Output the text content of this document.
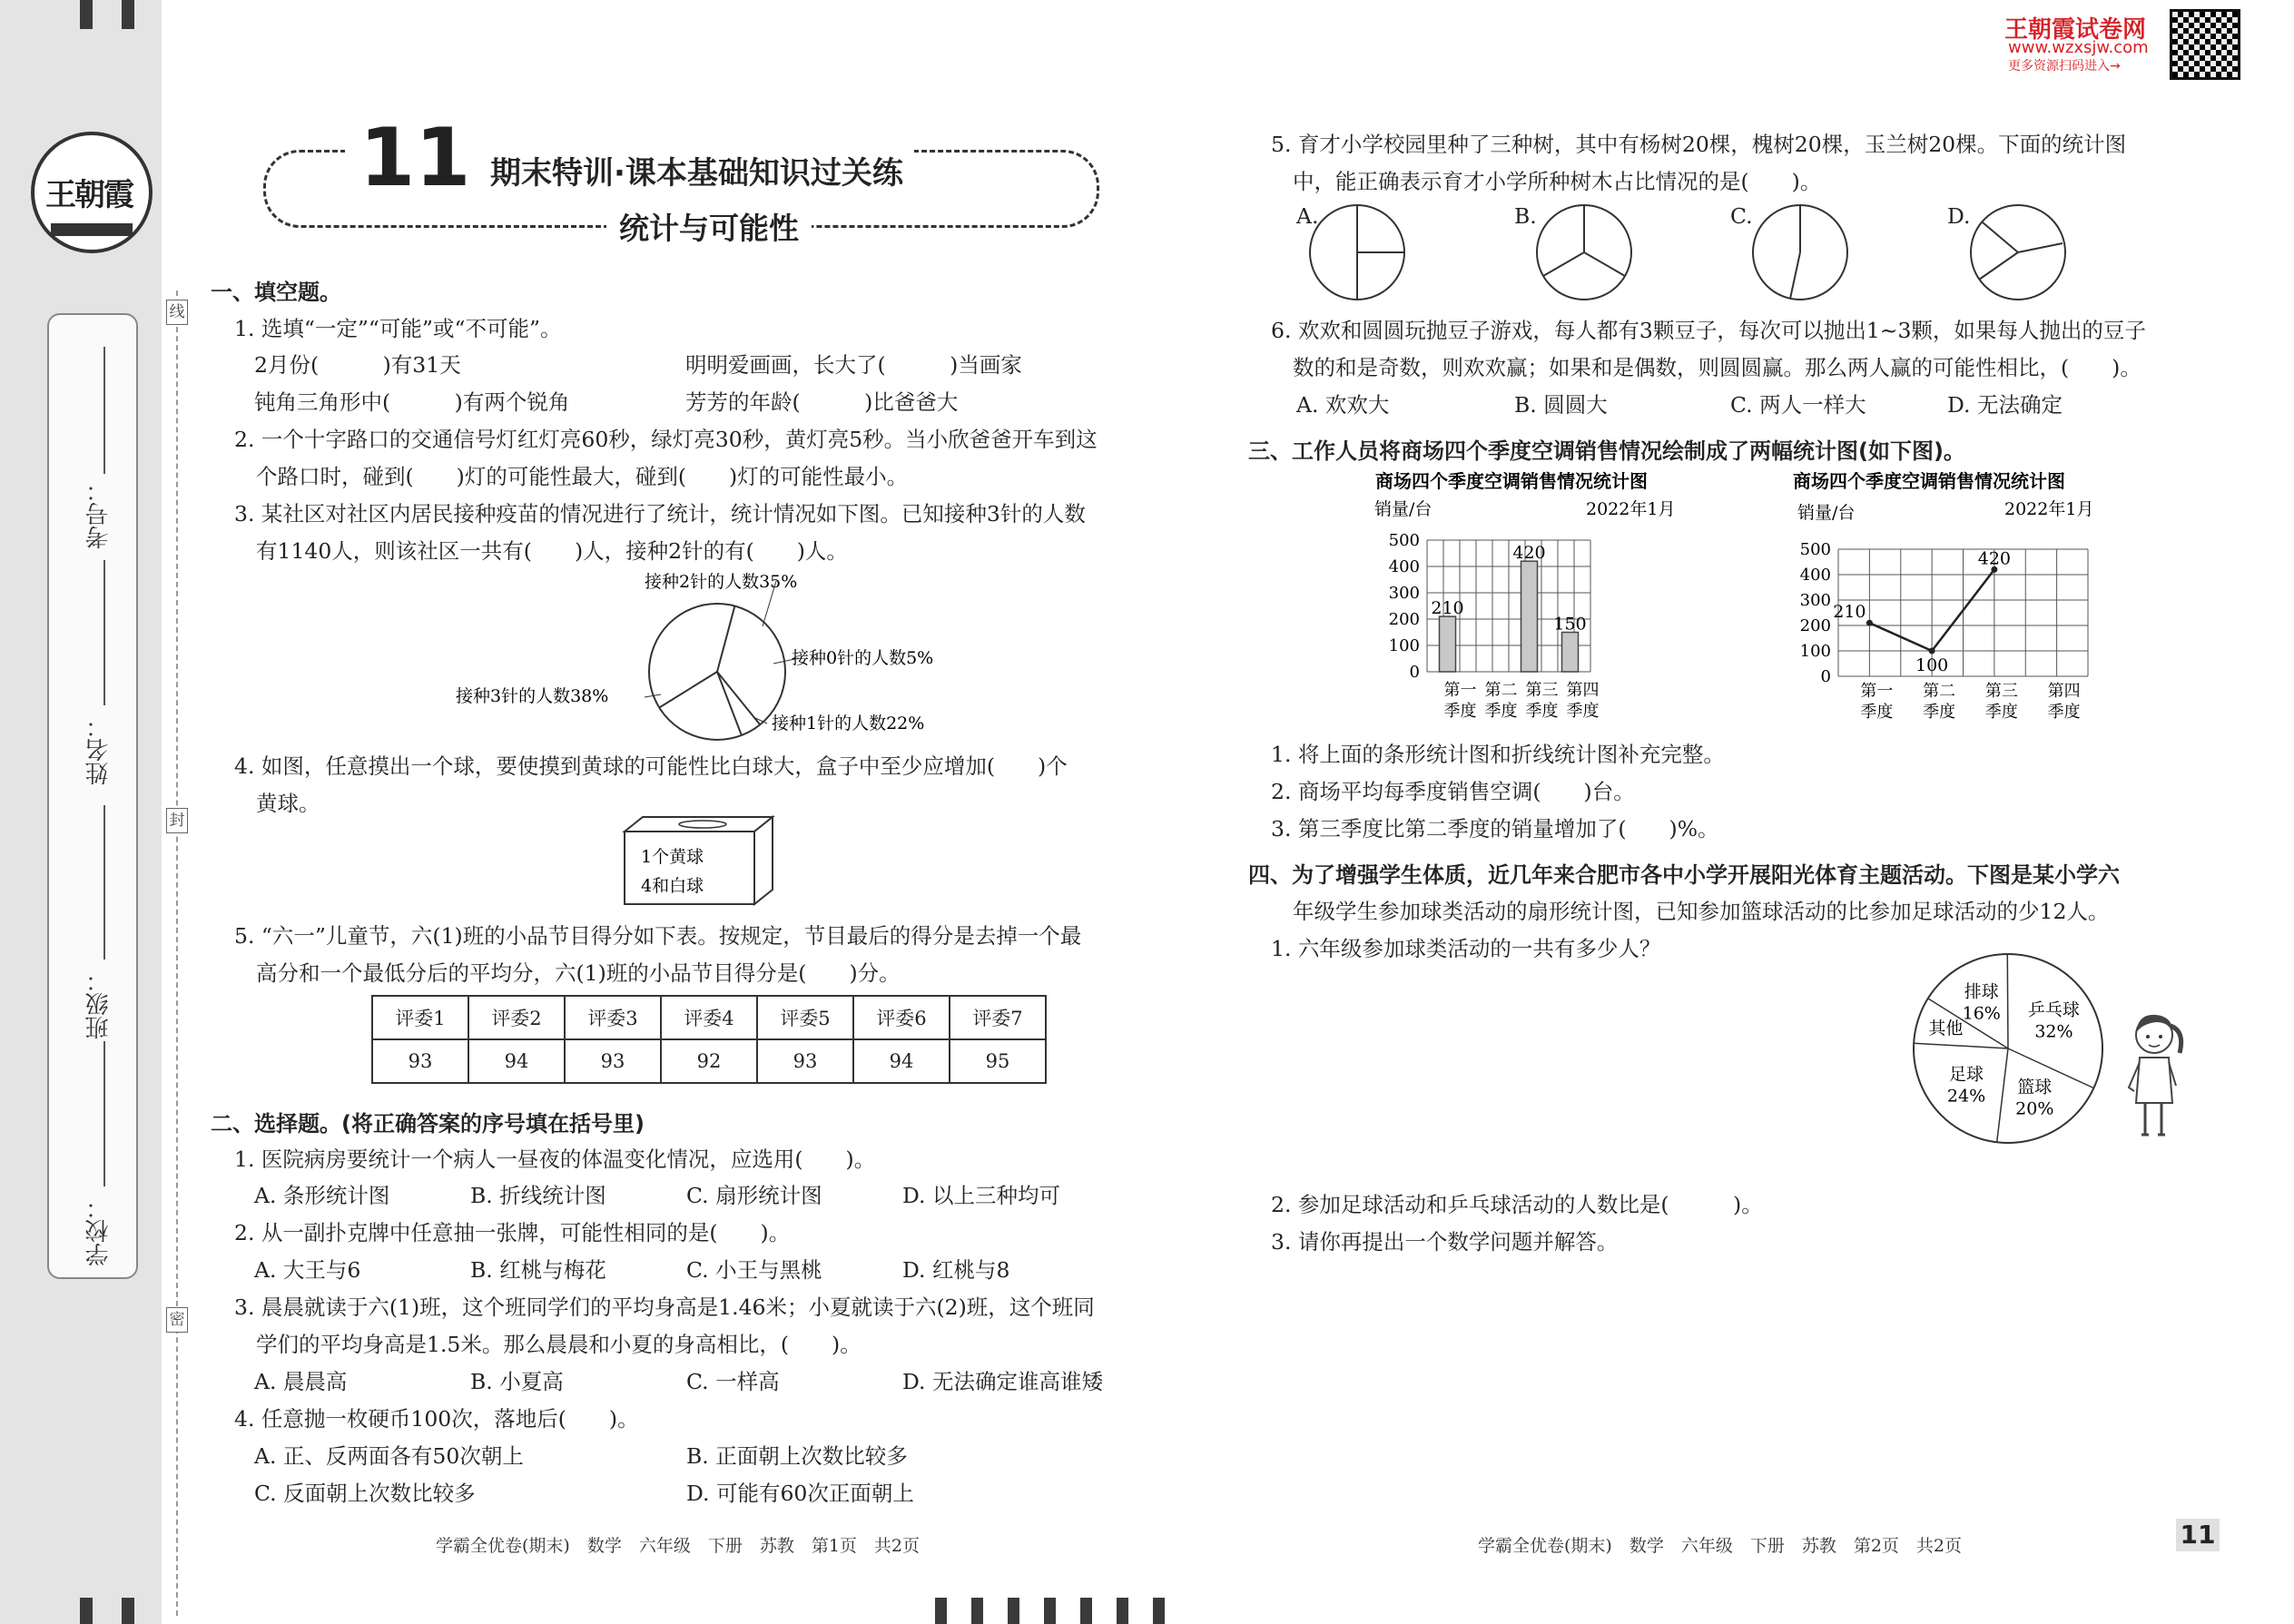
王朝霞
考号：
姓名：
班级：
学校：
线
封
密
王朝霞试卷网
www.wzxsjw.com
更多资源扫码进入→
11 期末特训·课本基础知识过关练
统计与可能性
一、填空题。
1. 选填“一定”“可能”或“不可能”。
2月份(　　　)有31天	明明爱画画，长大了(　　　)当画家
钝角三角形中(　　　)有两个锐角	芳芳的年龄(　　　)比爸爸大
2. 一个十字路口的交通信号灯红灯亮60秒，绿灯亮30秒，黄灯亮5秒。当小欣爸爸开车到这
个路口时，碰到(　　)灯的可能性最大，碰到(　　)灯的可能性最小。
3. 某社区对社区内居民接种疫苗的情况进行了统计，统计情况如下图。已知接种3针的人数
有1140人，则该社区一共有(　　)人，接种2针的有(　　)人。
接种2针的人数35%
接种0针的人数5%
接种3针的人数38%
接种1针的人数22%
4. 如图，任意摸出一个球，要使摸到黄球的可能性比白球大，盒子中至少应增加(　　)个
黄球。
1个黄球
4和白球
5. “六一”儿童节，六(1)班的小品节目得分如下表。按规定，节目最后的得分是去掉一个最
高分和一个最低分后的平均分，六(1)班的小品节目得分是(　　)分。
评委1	评委2	评委3	评委4	评委5	评委6	评委7
93	94	93	92	93	94	95
二、选择题。(将正确答案的序号填在括号里)
1. 医院病房要统计一个病人一昼夜的体温变化情况，应选用(　　)。
A. 条形统计图	B. 折线统计图	C. 扇形统计图	D. 以上三种均可
2. 从一副扑克牌中任意抽一张牌，可能性相同的是(　　)。
A. 大王与6	B. 红桃与梅花	C. 小王与黑桃	D. 红桃与8
3. 晨晨就读于六(1)班，这个班同学们的平均身高是1.46米；小夏就读于六(2)班，这个班同
学们的平均身高是1.5米。那么晨晨和小夏的身高相比，(　　)。
A. 晨晨高	B. 小夏高	C. 一样高	D. 无法确定谁高谁矮
4. 任意抛一枚硬币100次，落地后(　　)。
A. 正、反两面各有50次朝上	B. 正面朝上次数比较多
C. 反面朝上次数比较多	D. 可能有60次正面朝上
学霸全优卷(期末)　数学　六年级　下册　苏教　第1页　共2页
5. 育才小学校园里种了三种树，其中有杨树20棵，槐树20棵，玉兰树20棵。下面的统计图
中，能正确表示育才小学所种树木占比情况的是(　　)。
A.	B.	C.	D.
6. 欢欢和圆圆玩抛豆子游戏，每人都有3颗豆子，每次可以抛出1~3颗，如果每人抛出的豆子
数的和是奇数，则欢欢赢；如果和是偶数，则圆圆赢。那么两人赢的可能性相比，(　　)。
A. 欢欢大	B. 圆圆大	C. 两人一样大	D. 无法确定
三、工作人员将商场四个季度空调销售情况绘制成了两幅统计图(如下图)。
商场四个季度空调销售情况统计图
销量/台	2022年1月
210
420
150
0
100
200
300
400
500
第一
季度
第二
季度
第三
季度
第四
季度
商场四个季度空调销售情况统计图
销量/台	2022年1月
210
100
420
0
100
200
300
400
500
第一
季度
第二
季度
第三
季度
第四
季度
1. 将上面的条形统计图和折线统计图补充完整。
2. 商场平均每季度销售空调(　　)台。
3. 第三季度比第二季度的销量增加了(　　)%。
四、为了增强学生体质，近几年来合肥市各中小学开展阳光体育主题活动。下图是某小学六
年级学生参加球类活动的扇形统计图，已知参加篮球活动的比参加足球活动的少12人。
1. 六年级参加球类活动的一共有多少人？
排球
16% 乒乓球
32%
篮球
20%
足球
24%
其他
2. 参加足球活动和乒乓球活动的人数比是(　　　)。
3. 请你再提出一个数学问题并解答。
学霸全优卷(期末)　数学　六年级　下册　苏教　第2页　共2页	11
